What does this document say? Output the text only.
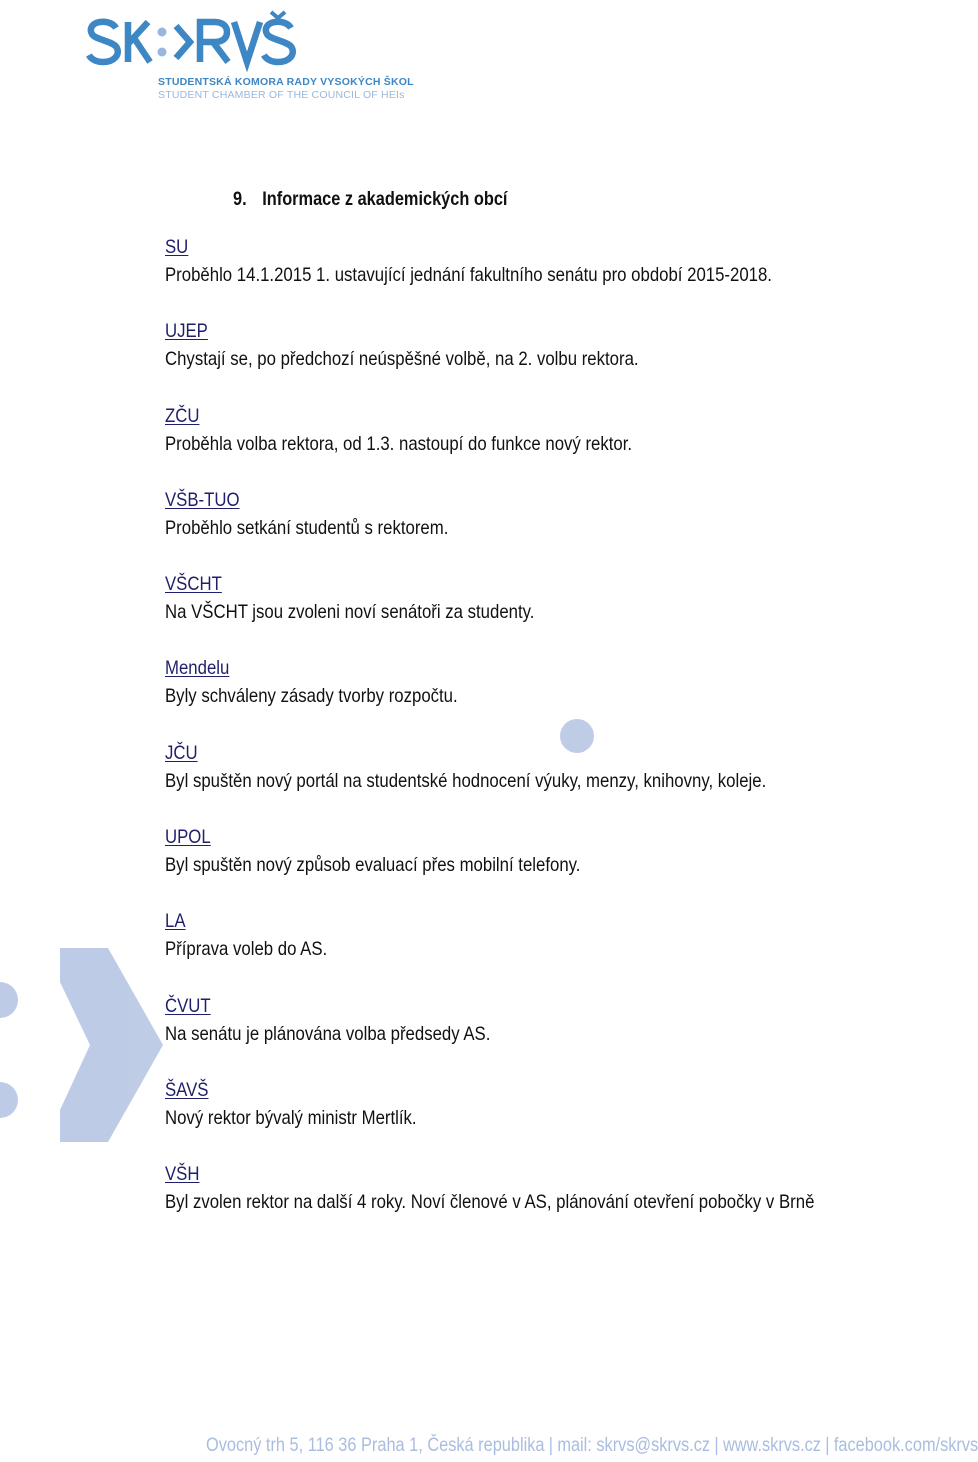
STUDENTSKÁ KOMORA RADY VYSOKÝCH ŠKOL
STUDENT CHAMBER OF THE COUNCIL OF HEIs
9. Informace z akademických obcí
SU
Proběhlo 14.1.2015 1. ustavující jednání fakultního senátu pro období 2015-2018.
UJEP
Chystají se, po předchozí neúspěšné volbě, na 2. volbu rektora.
ZČU
Proběhla volba rektora, od 1.3. nastoupí do funkce nový rektor.
VŠB-TUO
Proběhlo setkání studentů s rektorem.
VŠCHT
Na VŠCHT jsou zvoleni noví senátoři za studenty.
Mendelu
Byly schváleny zásady tvorby rozpočtu.
JČU
Byl spuštěn nový portál na studentské hodnocení výuky, menzy, knihovny, koleje.
UPOL
Byl spuštěn nový způsob evaluací přes mobilní telefony.
LA
Příprava voleb do AS.
ČVUT
Na senátu je plánována volba předsedy AS.
ŠAVŠ
Nový rektor bývalý ministr Mertlík.
VŠH
Byl zvolen rektor na další 4 roky. Noví členové v AS, plánování otevření pobočky v Brně
Ovocný trh 5, 116 36 Praha 1, Česká republika | mail: skrvs@skrvs.cz | www.skrvs.cz | facebook.com/skrvs
